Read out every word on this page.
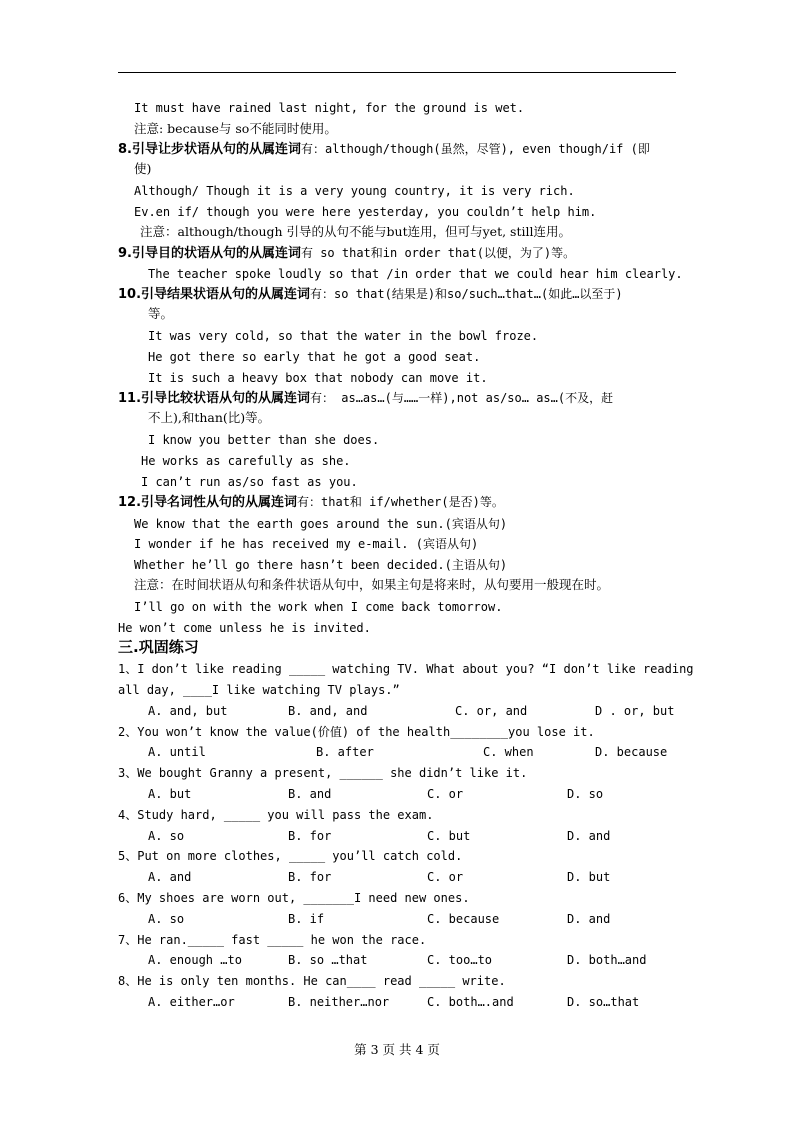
It must have rained last night, for the ground is wet.
注意: because与 so不能同时使用。
8.引导让步状语从句的从属连词有：although/though(虽然，尽管), even though/if (即
使)
Although/ Though it is a very young country, it is very rich.
Ev.en if/ though you were here yesterday, you couldn’t help him.
注意：although/though 引导的从句不能与but连用，但可与yet, still连用。
9.引导目的状语从句的从属连词有 so that和in order that(以便，为了)等。
The teacher spoke loudly so that /in order that we could hear him clearly.
10.引导结果状语从句的从属连词有：so that(结果是)和so/such…that…(如此…以至于)
等。
It was very cold, so that the water in the bowl froze.
He got there so early that he got a good seat.
It is such a heavy box that nobody can move it.
11.引导比较状语从句的从属连词有： as…as…(与……一样),not as/so… as…(不及，赶
不上),和than(比)等。
I know you better than she does.
He works as carefully as she.
I can’t run as/so fast as you.
12.引导名词性从句的从属连词有：that和 if/whether(是否)等。
We know that the earth goes around the sun.(宾语从句)
I wonder if he has received my e-mail. (宾语从句)
Whether he’ll go there hasn’t been decided.(主语从句)
注意：在时间状语从句和条件状语从句中，如果主句是将来时，从句要用一般现在时。
I’ll go on with the work when I come back tomorrow.
He won’t come unless he is invited.
三.巩固练习
1、I don’t like reading _____ watching TV. What about you? “I don’t like reading
all day, ____I like watching TV plays.”
A. and, but	B. and, and	C. or, and	D . or, but
2、You won’t know the value(价值) of the health________you lose it.
A. until	B. after	C. when	D. because
3、We bought Granny a present, ______ she didn’t like it.
A. but	B. and	C. or	D. so
4、Study hard, _____ you will pass the exam.
A. so	B. for	C. but	D. and
5、Put on more clothes, _____ you’ll catch cold.
A. and	B. for	C. or	D. but
6、My shoes are worn out, _______I need new ones.
A. so	B. if	C. because	D. and
7、He ran._____ fast _____ he won the race.
A. enough …to	B. so …that	C. too…to	D. both…and
8、He is only ten months. He can____ read _____ write.
A. either…or	B. neither…nor	C. both….and	D. so…that
第 3 页 共 4 页
